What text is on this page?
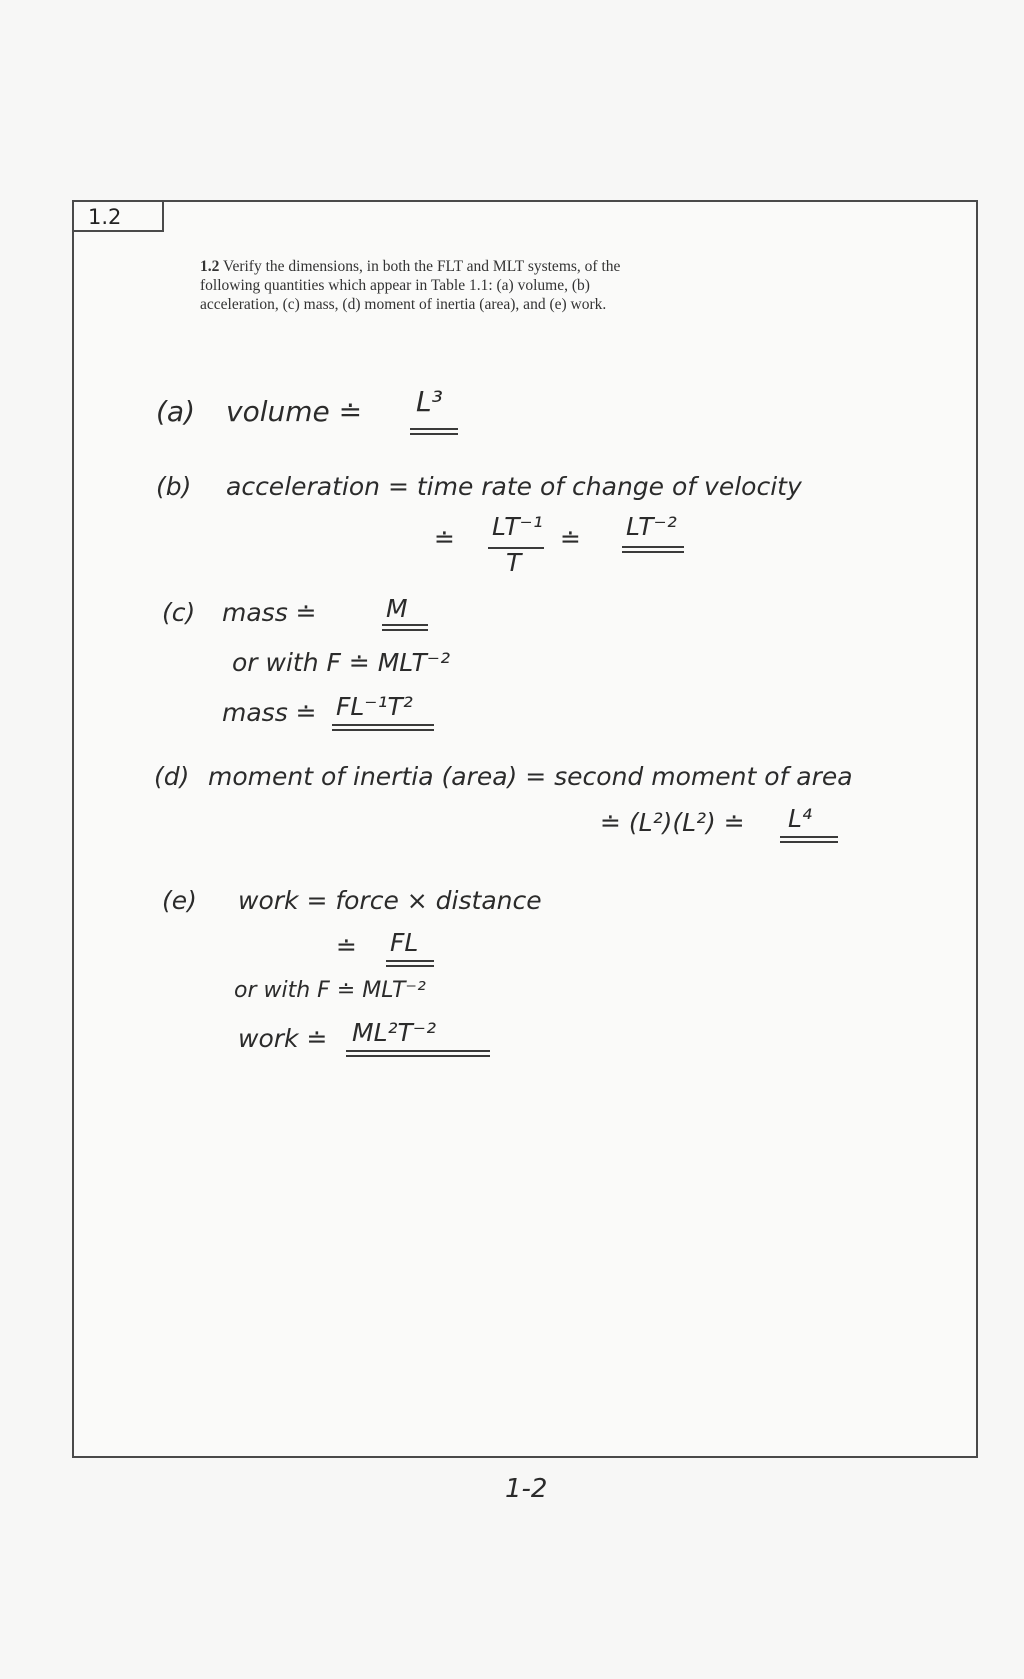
1.2
1.2 Verify the dimensions, in both the FLT and MLT systems, of the following quantities which appear in Table 1.1: (a) volume, (b) acceleration, (c) mass, (d) moment of inertia (area), and (e) work.
(a) volume ≐ L³
(b) acceleration = time rate of change of velocity
≐ LT⁻¹
T
≐ LT⁻²
(c) mass ≐	M
or with F ≐ MLT⁻²
mass ≐ FL⁻¹T²
(d) moment of inertia (area) = second moment of area
≐ (L²)(L²) ≐ L⁴
(e) work = force × distance
≐ FL
or with F ≐ MLT⁻²
work ≐ ML²T⁻²
1-2
